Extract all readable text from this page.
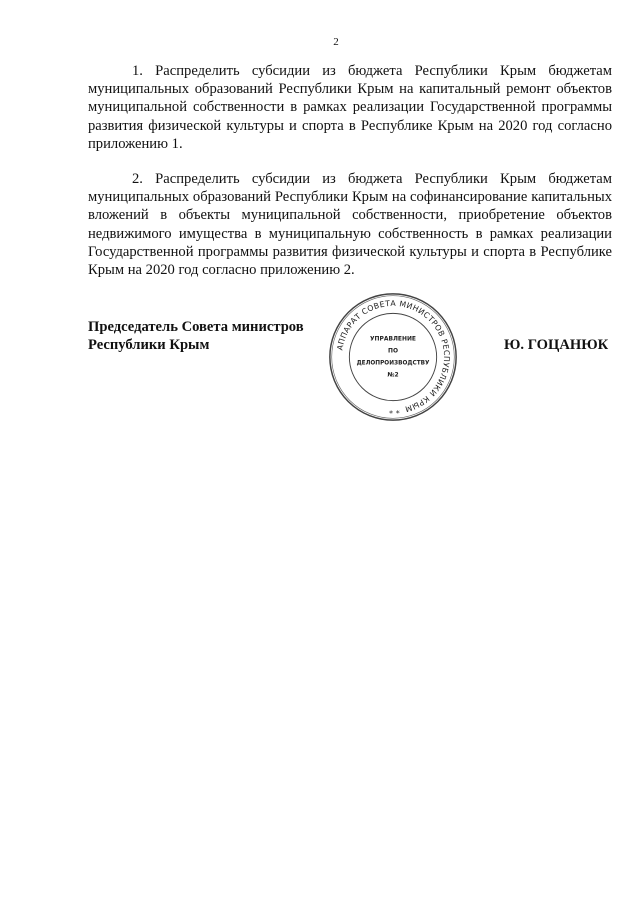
2

1. Распределить субсидии из бюджета Республики Крым бюджетам муниципальных образований Республики Крым на капитальный ремонт объектов муниципальной собственности в рамках реализации Государственной программы развития физической культуры и спорта в Республике Крым на 2020 год согласно приложению 1.

2. Распределить субсидии из бюджета Республики Крым бюджетам муниципальных образований Республики Крым на софинансирование капитальных вложений в объекты муниципальной собственности, приобретение объектов недвижимого имущества в муниципальную собственность в рамках реализации Государственной программы развития физической культуры и спорта в Республике Крым на 2020 год согласно приложению 2.

Председатель Совета министров
Республики Крым	Ю. ГОЦАНЮК
АППАРАТ СОВЕТА МИНИСТРОВ РЕСПУБЛИКИ КРЫМ
* *
УПРАВЛЕНИЕ
ПО
ДЕЛОПРОИЗВОДСТВУ
№2
